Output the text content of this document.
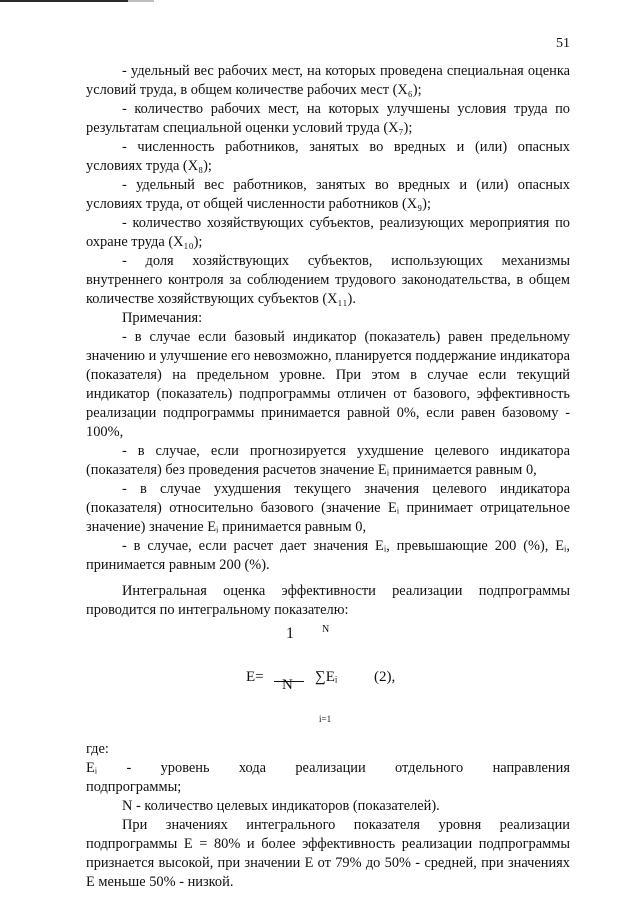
51

- удельный вес рабочих мест, на которых проведена специальная оценка условий труда, в общем количестве рабочих мест (X₆);

- количество рабочих мест, на которых улучшены условия труда по результатам специальной оценки условий труда (X₇);

- численность работников, занятых во вредных и (или) опасных условиях труда (X₈);

- удельный вес работников, занятых во вредных и (или) опасных условиях труда, от общей численности работников (X₉);

- количество хозяйствующих субъектов, реализующих мероприятия по охране труда (X₁₀);

- доля хозяйствующих субъектов, использующих механизмы внутреннего контроля за соблюдением трудового законодательства, в общем количестве хозяйствующих субъектов (X₁₁).

Примечания:

- в случае если базовый индикатор (показатель) равен предельному значению и улучшение его невозможно, планируется поддержание индикатора (показателя) на предельном уровне. При этом в случае если текущий индикатор (показатель) подпрограммы отличен от базового, эффективность реализации подпрограммы принимается равной 0%, если равен базовому - 100%,

- в случае, если прогнозируется ухудшение целевого индикатора (показателя) без проведения расчетов значение Eᵢ принимается равным 0,

- в случае ухудшения текущего значения целевого индикатора (показателя) относительно базового (значение Eᵢ принимает отрицательное значение) значение Eᵢ принимается равным 0,

- в случае, если расчет дает значения Eᵢ, превышающие 200 (%), Eᵢ, принимается равным 200 (%).

Интегральная оценка эффективности реализации подпрограммы проводится по интегральному показателю:

1	N
E= N ∑Eᵢ (2),
i=1

где:

Eᵢ - уровень хода реализации отдельного направления

подпрограммы;

N - количество целевых индикаторов (показателей).

При значениях интегрального показателя уровня реализации подпрограммы E = 80% и более эффективность реализации подпрограммы признается высокой, при значении E от 79% до 50% - средней, при значениях E меньше 50% - низкой.
